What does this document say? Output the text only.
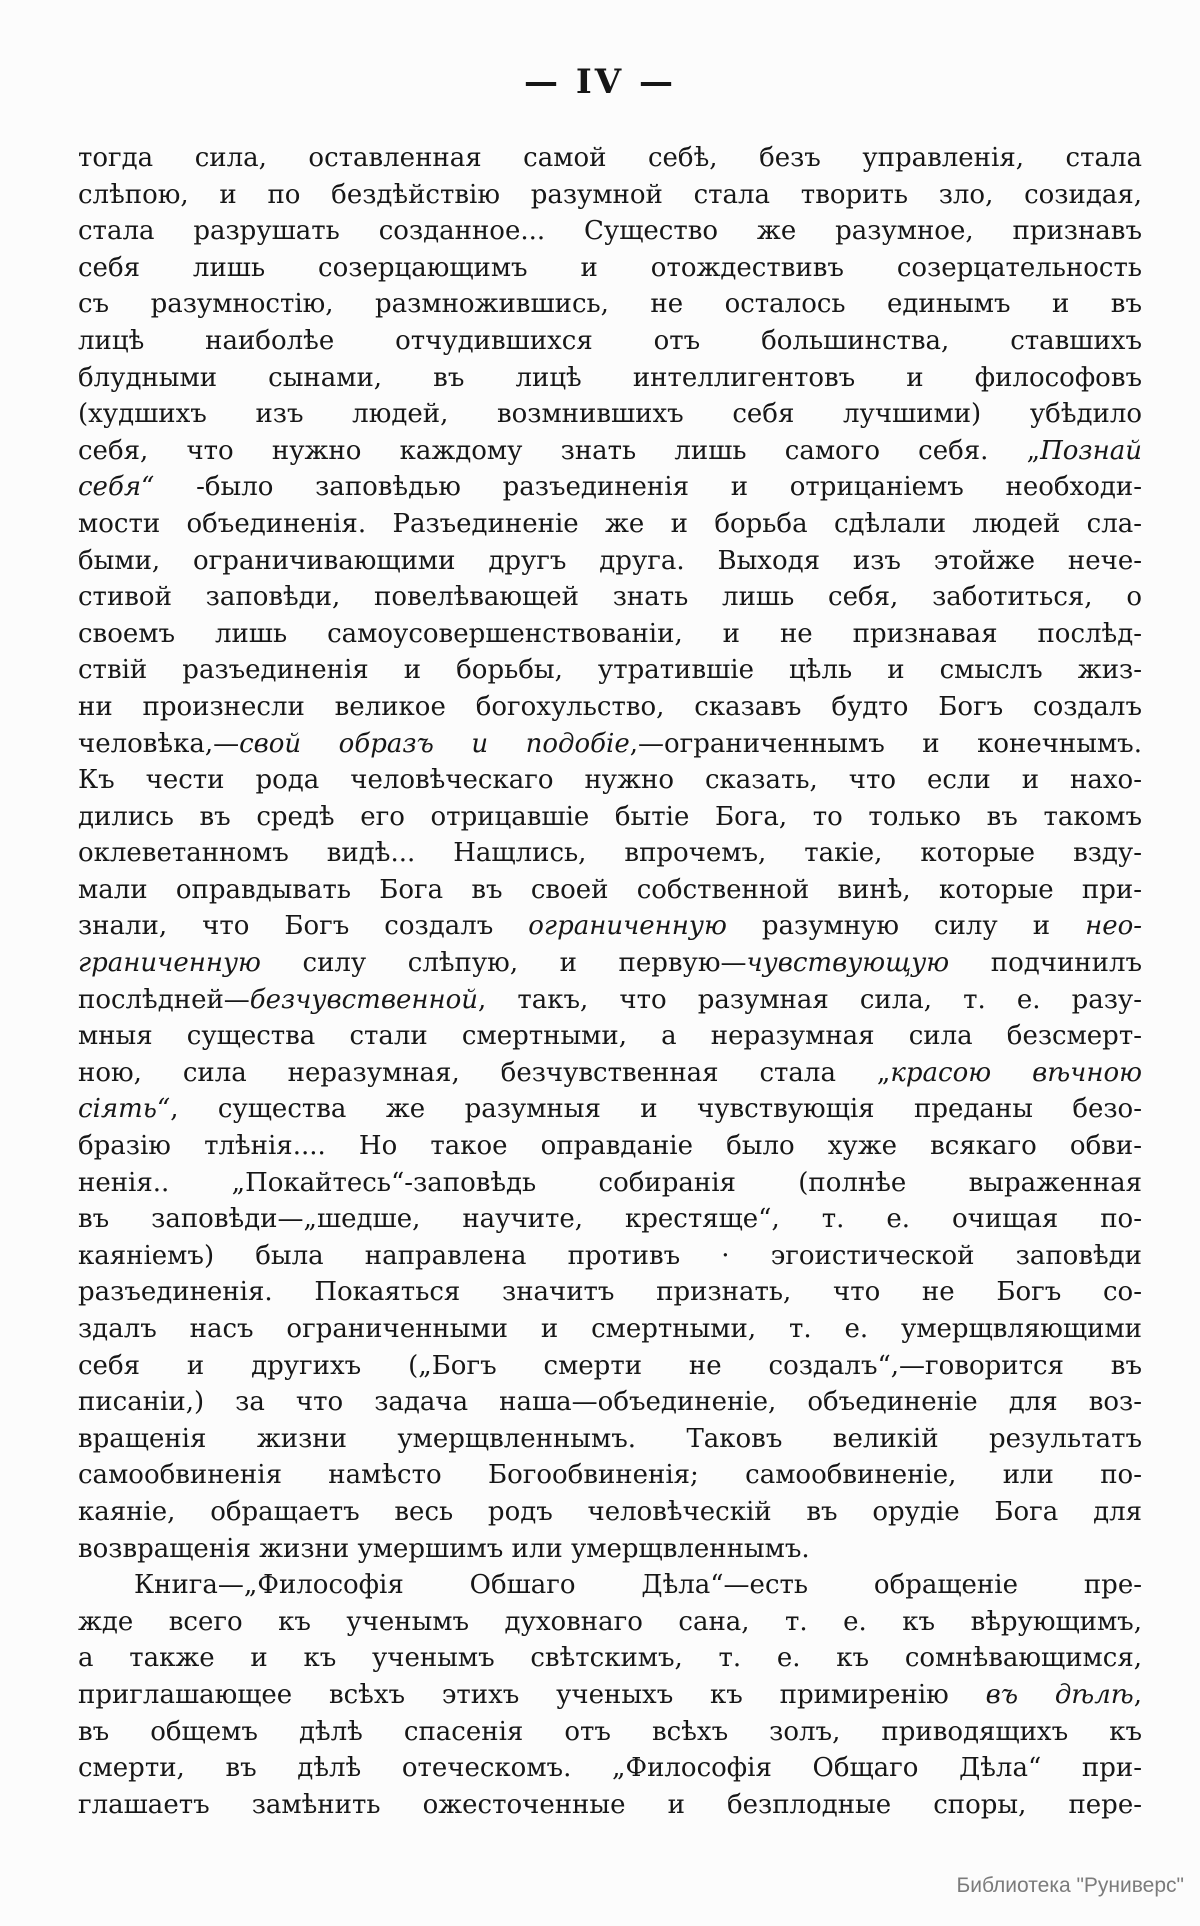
— IV —
тогда сила, оставленная самой себѣ, безъ управленія, стала
слѣпою, и по бездѣйствію разумной стала творить зло, созидая,
стала разрушать созданное... Существо же разумное, признавъ
себя лишь созерцающимъ и отождествивъ созерцательность
съ разумностію, размножившись, не осталось единымъ и въ
лицѣ наиболѣе отчудившихся отъ большинства, ставшихъ
блудными сынами, въ лицѣ интеллигентовъ и философовъ
(худшихъ изъ людей, возмнившихъ себя лучшими) убѣдило
себя, что нужно каждому знать лишь самого себя. „Познай
себя“ -было заповѣдью разъединенія и отрицаніемъ необходи-
мости объединенія. Разъединеніе же и борьба сдѣлали людей сла-
быми, ограничивающими другъ друга. Выходя изъ этойже нече-
стивой заповѣди, повелѣвающей знать лишь себя, заботиться, о
своемъ лишь самоусовершенствованіи, и не признавая послѣд-
ствій разъединенія и борьбы, утратившіе цѣль и смыслъ жиз-
ни произнесли великое богохульство, сказавъ будто Богъ создалъ
человѣка,—свой образъ и подобіе,—ограниченнымъ и конечнымъ.
Къ чести рода человѣческаго нужно сказать, что если и нахо-
дились въ средѣ его отрицавшіе бытіе Бога, то только въ такомъ
оклеветанномъ видѣ... Нащлись, впрочемъ, такіе, которые взду-
мали оправдывать Бога въ своей собственной винѣ, которые при-
знали, что Богъ создалъ ограниченную разумную силу и нео-
граниченную силу слѣпую, и первую—чувствующую подчинилъ
послѣдней—безчувственной, такъ, что разумная сила, т. е. разу-
мныя существа стали смертными, а неразумная сила безсмерт-
ною, сила неразумная, безчувственная стала „красою вѣчною
сіять“, существа же разумныя и чувствующія преданы безо-
бразію тлѣнія.... Но такое оправданіе было хуже всякаго обви-
ненія.. „Покайтесь“-заповѣдь собиранія (полнѣе выраженная
въ заповѣди—„шедше, научите, крестяще“, т. е. очищая по-
каяніемъ) была направлена противъ · эгоистической заповѣди
разъединенія. Покаяться значитъ признать, что не Богъ со-
здалъ насъ ограниченными и смертными, т. е. умерщвляющими
себя и другихъ („Богъ смерти не создалъ“,—говорится въ
писаніи,) за что задача наша—объединеніе, объединеніе для воз-
вращенія жизни умерщвленнымъ. Таковъ великій результатъ
самообвиненія намѣсто Богообвиненія; самообвиненіе, или по-
каяніе, обращаетъ весь родъ человѣческій въ орудіе Бога для
возвращенія жизни умершимъ или умерщвленнымъ.
Книга—„Философія Обшаго Дѣла“—есть обращеніе пре-
жде всего къ ученымъ духовнаго сана, т. е. къ вѣрующимъ,
а также и къ ученымъ свѣтскимъ, т. е. къ сомнѣвающимся,
приглашающее всѣхъ этихъ ученыхъ къ примиренію въ дѣлѣ,
въ общемъ дѣлѣ спасенія отъ всѣхъ золъ, приводящихъ къ
смерти, въ дѣлѣ отеческомъ. „Философія Общаго Дѣла“ при-
глашаетъ замѣнить ожесточенные и безплодные споры, пере-
Библиотека "Руниверс"
